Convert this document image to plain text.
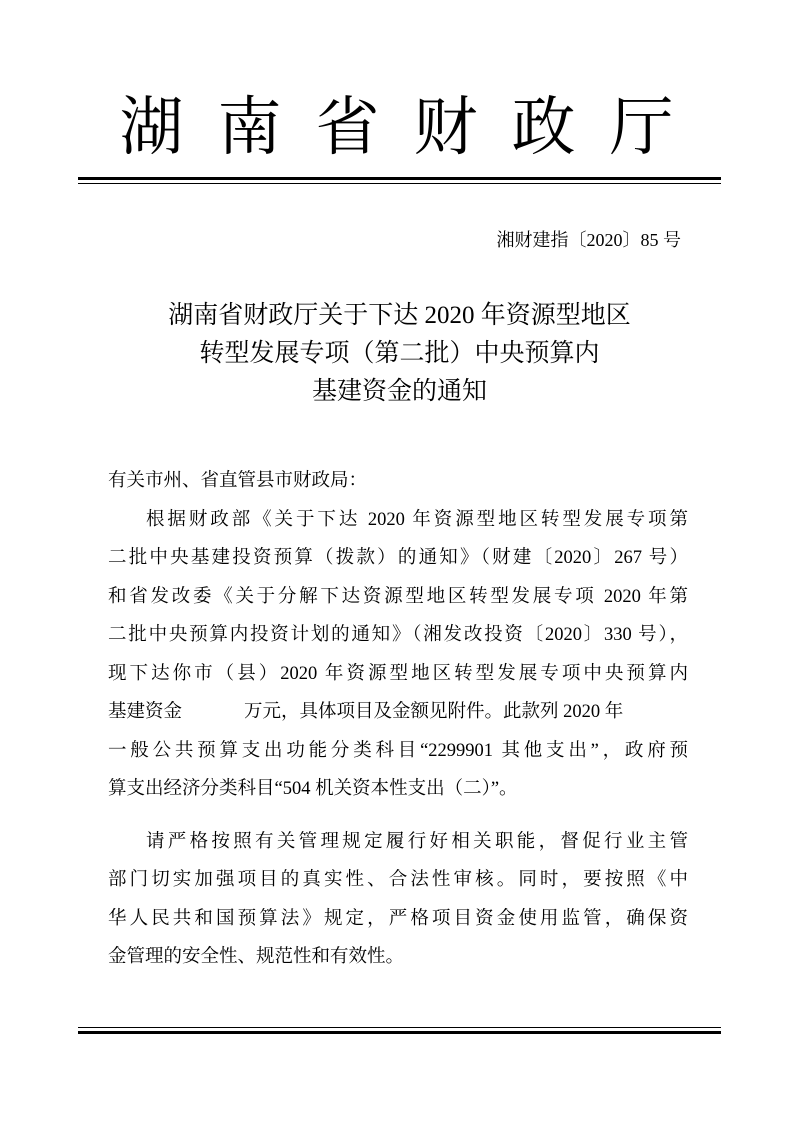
湖 南 省 财 政 厅
湘财建指〔2020〕85 号
湖南省财政厅关于下达 2020 年资源型地区
转型发展专项（第二批）中央预算内
基建资金的通知
有关市州、省直管县市财政局：
根据财政部《关于下达 2020 年资源型地区转型发展专项第
二批中央基建投资预算（拨款）的通知》（财建〔2020〕267 号）
和省发改委《关于分解下达资源型地区转型发展专项 2020 年第
二批中央预算内投资计划的通知》（湘发改投资〔2020〕330 号），
现下达你市（县）2020 年资源型地区转型发展专项中央预算内
基建资金	万元，具体项目及金额见附件。此款列 2020 年
一般公共预算支出功能分类科目“2299901 其他支出”，政府预
算支出经济分类科目“504 机关资本性支出（二）”。
请严格按照有关管理规定履行好相关职能，督促行业主管
部门切实加强项目的真实性、合法性审核。同时，要按照《中
华人民共和国预算法》规定，严格项目资金使用监管，确保资
金管理的安全性、规范性和有效性。
